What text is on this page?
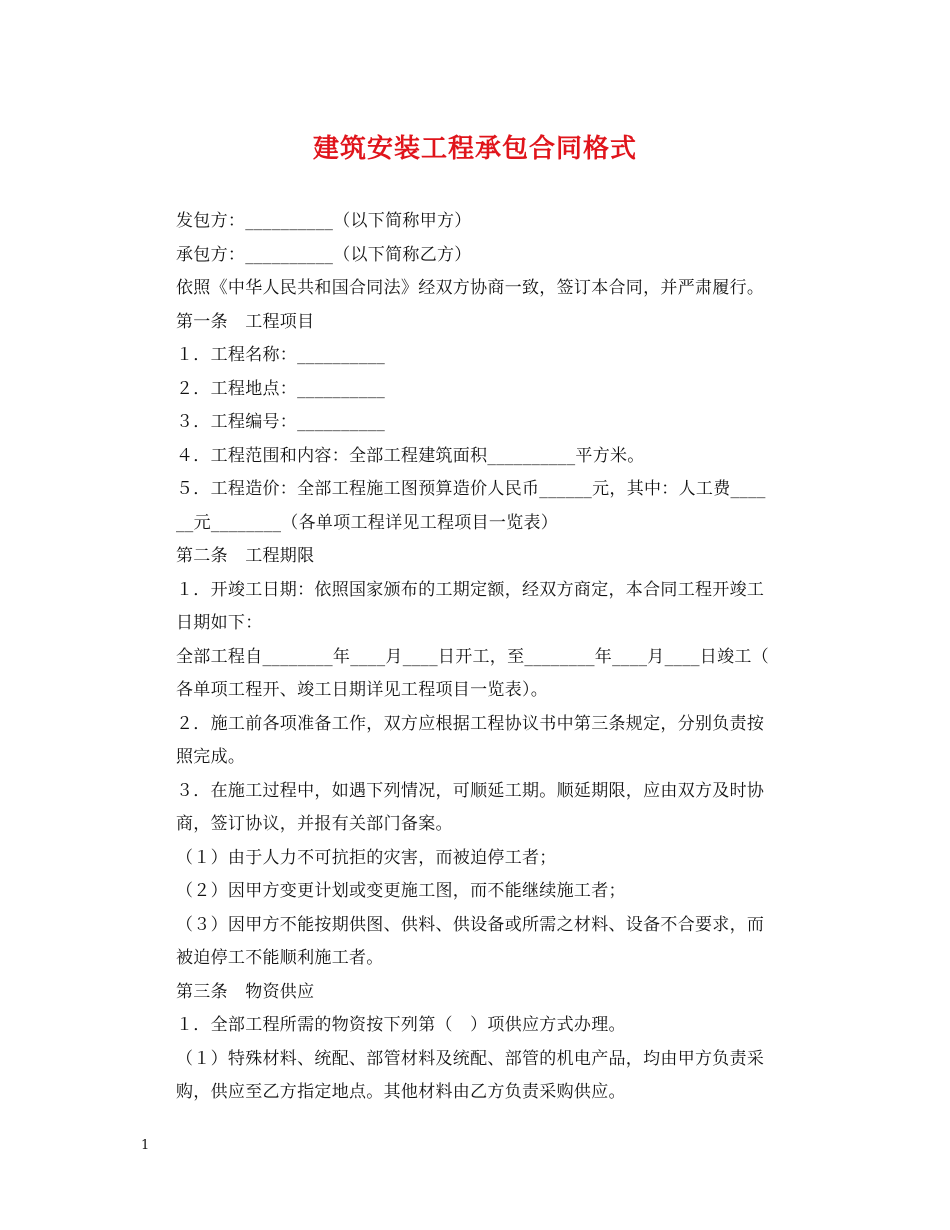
建筑安装工程承包合同格式
发包方：__________（以下简称甲方）
承包方：__________（以下简称乙方）
依照《中华人民共和国合同法》经双方协商一致，签订本合同，并严肃履行。
第一条　工程项目
１．工程名称：__________
２．工程地点：__________
３．工程编号：__________
４．工程范围和内容：全部工程建筑面积__________平方米。
５．工程造价：全部工程施工图预算造价人民币______元，其中：人工费____
__元________（各单项工程详见工程项目一览表）
第二条　工程期限
１．开竣工日期：依照国家颁布的工期定额，经双方商定，本合同工程开竣工
日期如下：
全部工程自________年____月____日开工，至________年____月____日竣工（
各单项工程开、竣工日期详见工程项目一览表）。
２．施工前各项准备工作，双方应根据工程协议书中第三条规定，分别负责按
照完成。
３．在施工过程中，如遇下列情况，可顺延工期。顺延期限，应由双方及时协
商，签订协议，并报有关部门备案。
（１）由于人力不可抗拒的灾害，而被迫停工者；
（２）因甲方变更计划或变更施工图，而不能继续施工者；
（３）因甲方不能按期供图、供料、供设备或所需之材料、设备不合要求，而
被迫停工不能顺利施工者。
第三条　物资供应
１．全部工程所需的物资按下列第（　）项供应方式办理。
（１）特殊材料、统配、部管材料及统配、部管的机电产品，均由甲方负责采
购，供应至乙方指定地点。其他材料由乙方负责采购供应。
1
